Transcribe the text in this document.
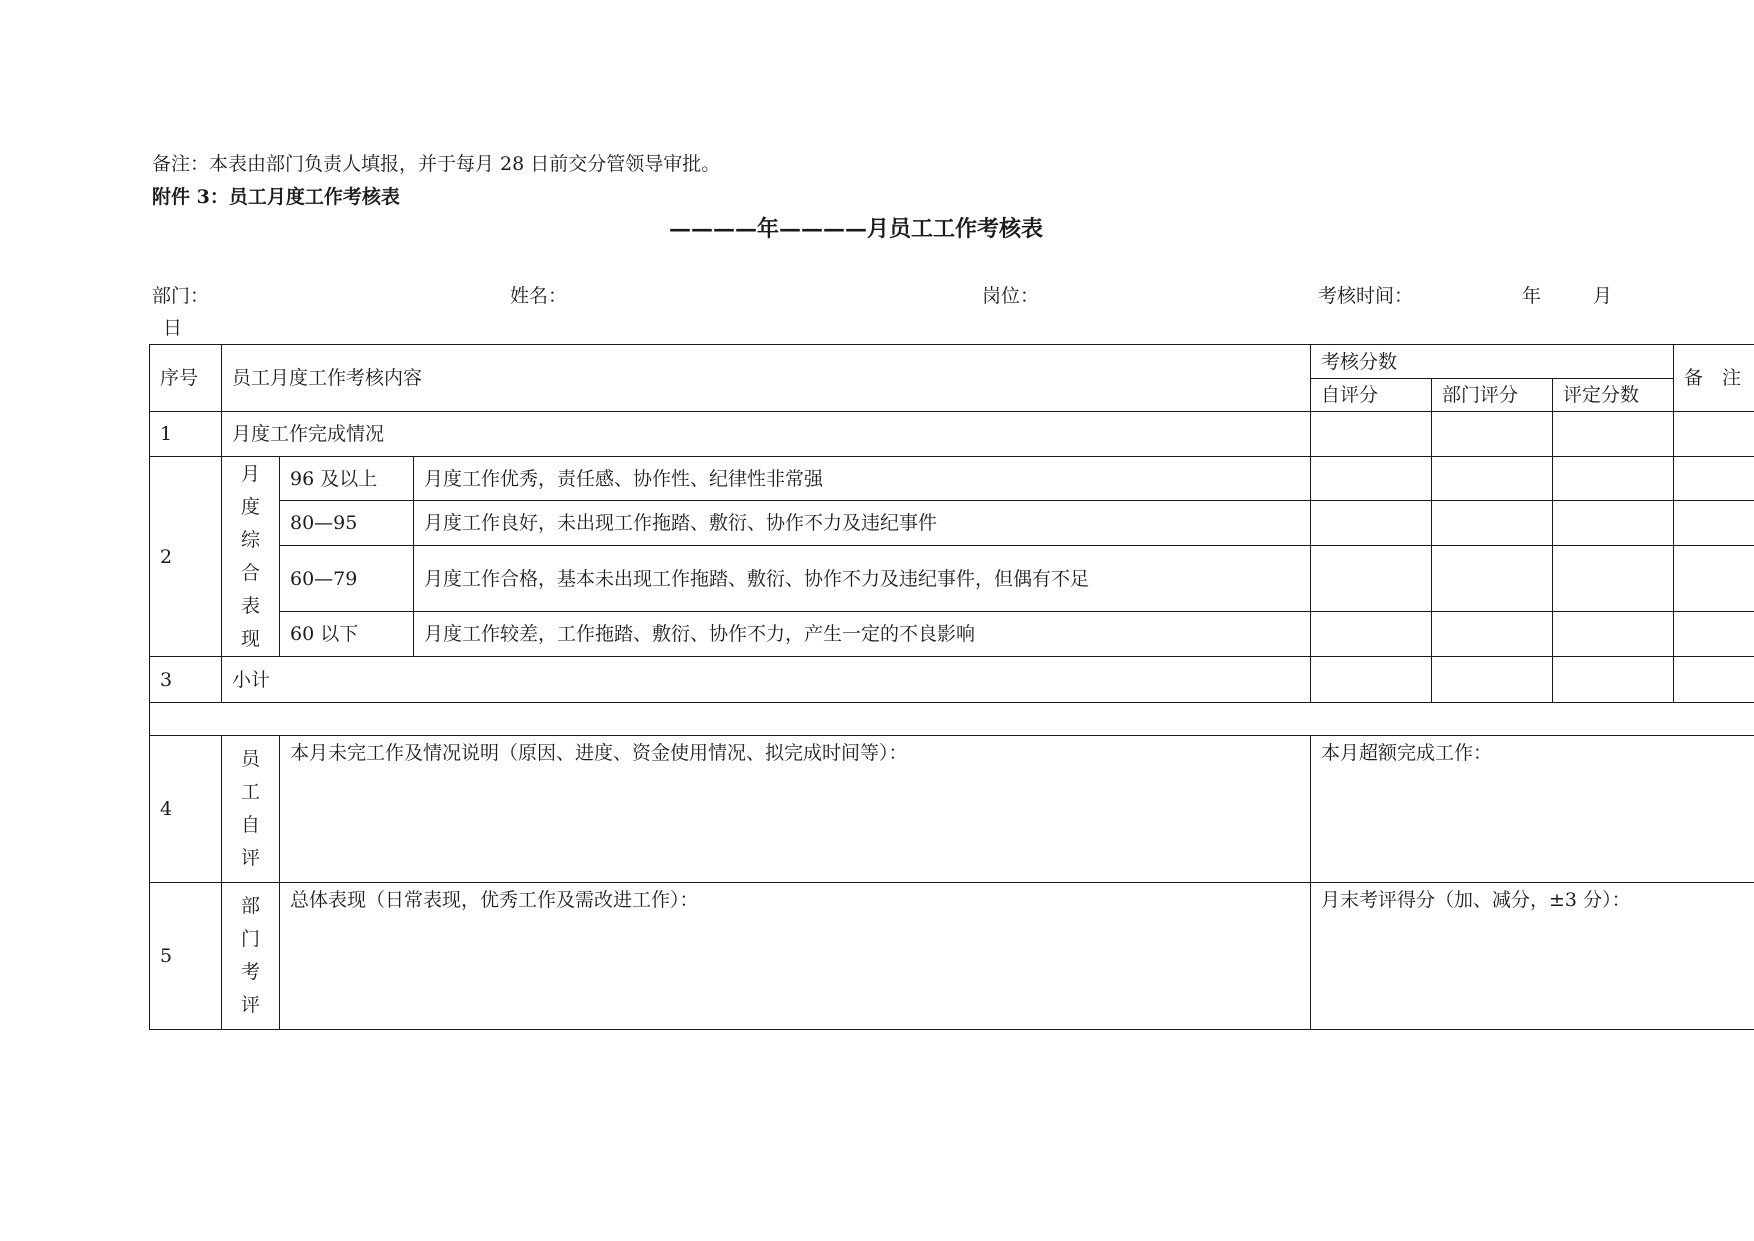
备注：本表由部门负责人填报，并于每月 28 日前交分管领导审批。
附件 3：员工月度工作考核表
————年————月员工工作考核表
部门：	姓名：	岗位：	考核时间：	年	月
日
序号	员工月度工作考核内容			考核分数			备　注
				自评分	部门评分	评定分数	
1	月度工作完成情况						
2	月度综合表现	96 及以上	月度工作优秀，责任感、协作性、纪律性非常强				
		80—95	月度工作良好，未出现工作拖踏、敷衍、协作不力及违纪事件				
		60—79	月度工作合格，基本未出现工作拖踏、敷衍、协作不力及违纪事件，但偶有不足				
		60 以下	月度工作较差，工作拖踏、敷衍、协作不力，产生一定的不良影响				
3	小计						

4	员工自评	本月未完工作及情况说明（原因、进度、资金使用情况、拟完成时间等）：		本月超额完成工作：			
5	部门考评	总体表现（日常表现，优秀工作及需改进工作）：		月末考评得分（加、减分，±3 分）：			
